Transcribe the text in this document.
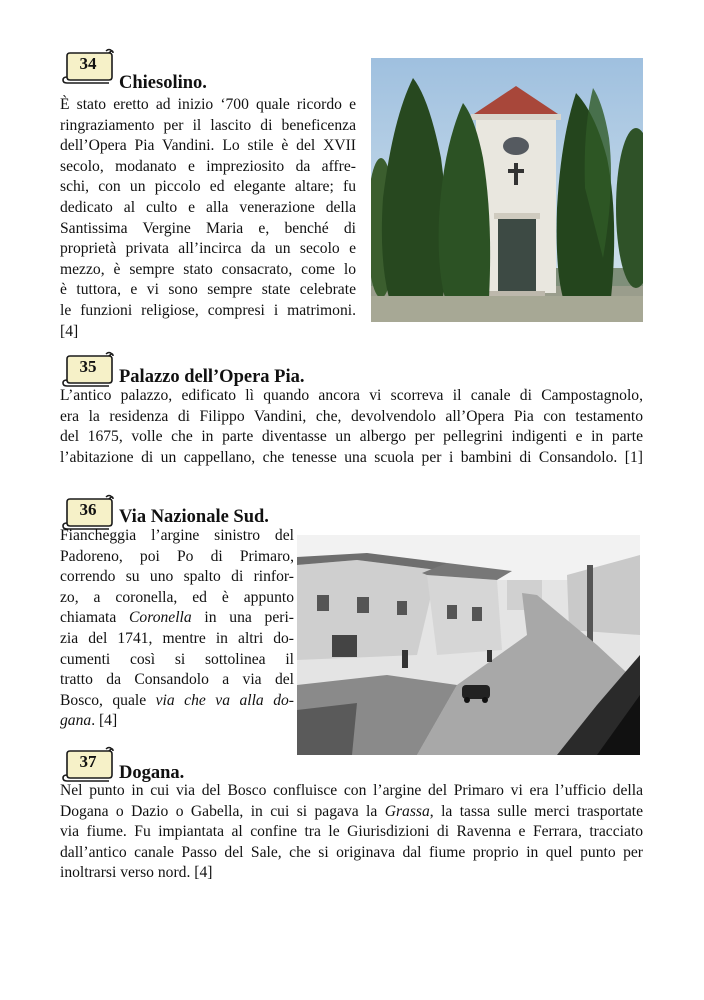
34
Chiesolino.
È stato eretto ad inizio ‘700 quale ricordo e
ringraziamento per il lascito di beneficenza
dell’Opera Pia Vandini. Lo stile è del XVII
secolo, modanato e impreziosito da affre-
schi, con un piccolo ed elegante altare; fu
dedicato al culto e alla venerazione della
Santissima Vergine Maria e, benché di
proprietà privata all’incirca da un secolo e
mezzo, è sempre stato consacrato, come lo
è tuttora, e vi sono sempre state celebrate
le funzioni religiose, compresi i matrimoni.
[4]
35
Palazzo dell’Opera Pia.
L’antico palazzo, edificato lì quando ancora vi scorreva il canale di Campostagnolo,
era la residenza di Filippo Vandini, che, devolvendolo all’Opera Pia con testamento
del 1675, volle che in parte diventasse un albergo per pellegrini indigenti e in parte
l’abitazione di un cappellano, che tenesse una scuola per i bambini di Consandolo. [1]
36	Via Nazionale Sud.
Fiancheggia l’argine sinistro del
Padoreno, poi Po di Primaro,
correndo su uno spalto di rinfor-
zo, a coronella, ed è appunto
chiamata Coronella in una peri-
zia del 1741, mentre in altri do-
cumenti così si sottolinea il
tratto da Consandolo a via del
Bosco, quale via che va alla do-
gana. [4]
37
Dogana.
Nel punto in cui via del Bosco confluisce con l’argine del Primaro vi era l’ufficio della
Dogana o Dazio o Gabella, in cui si pagava la Grassa, la tassa sulle merci trasportate
via fiume. Fu impiantata al confine tra le Giurisdizioni di Ravenna e Ferrara, tracciato
dall’antico canale Passo del Sale, che si originava dal fiume proprio in quel punto per
inoltrarsi verso nord. [4]
